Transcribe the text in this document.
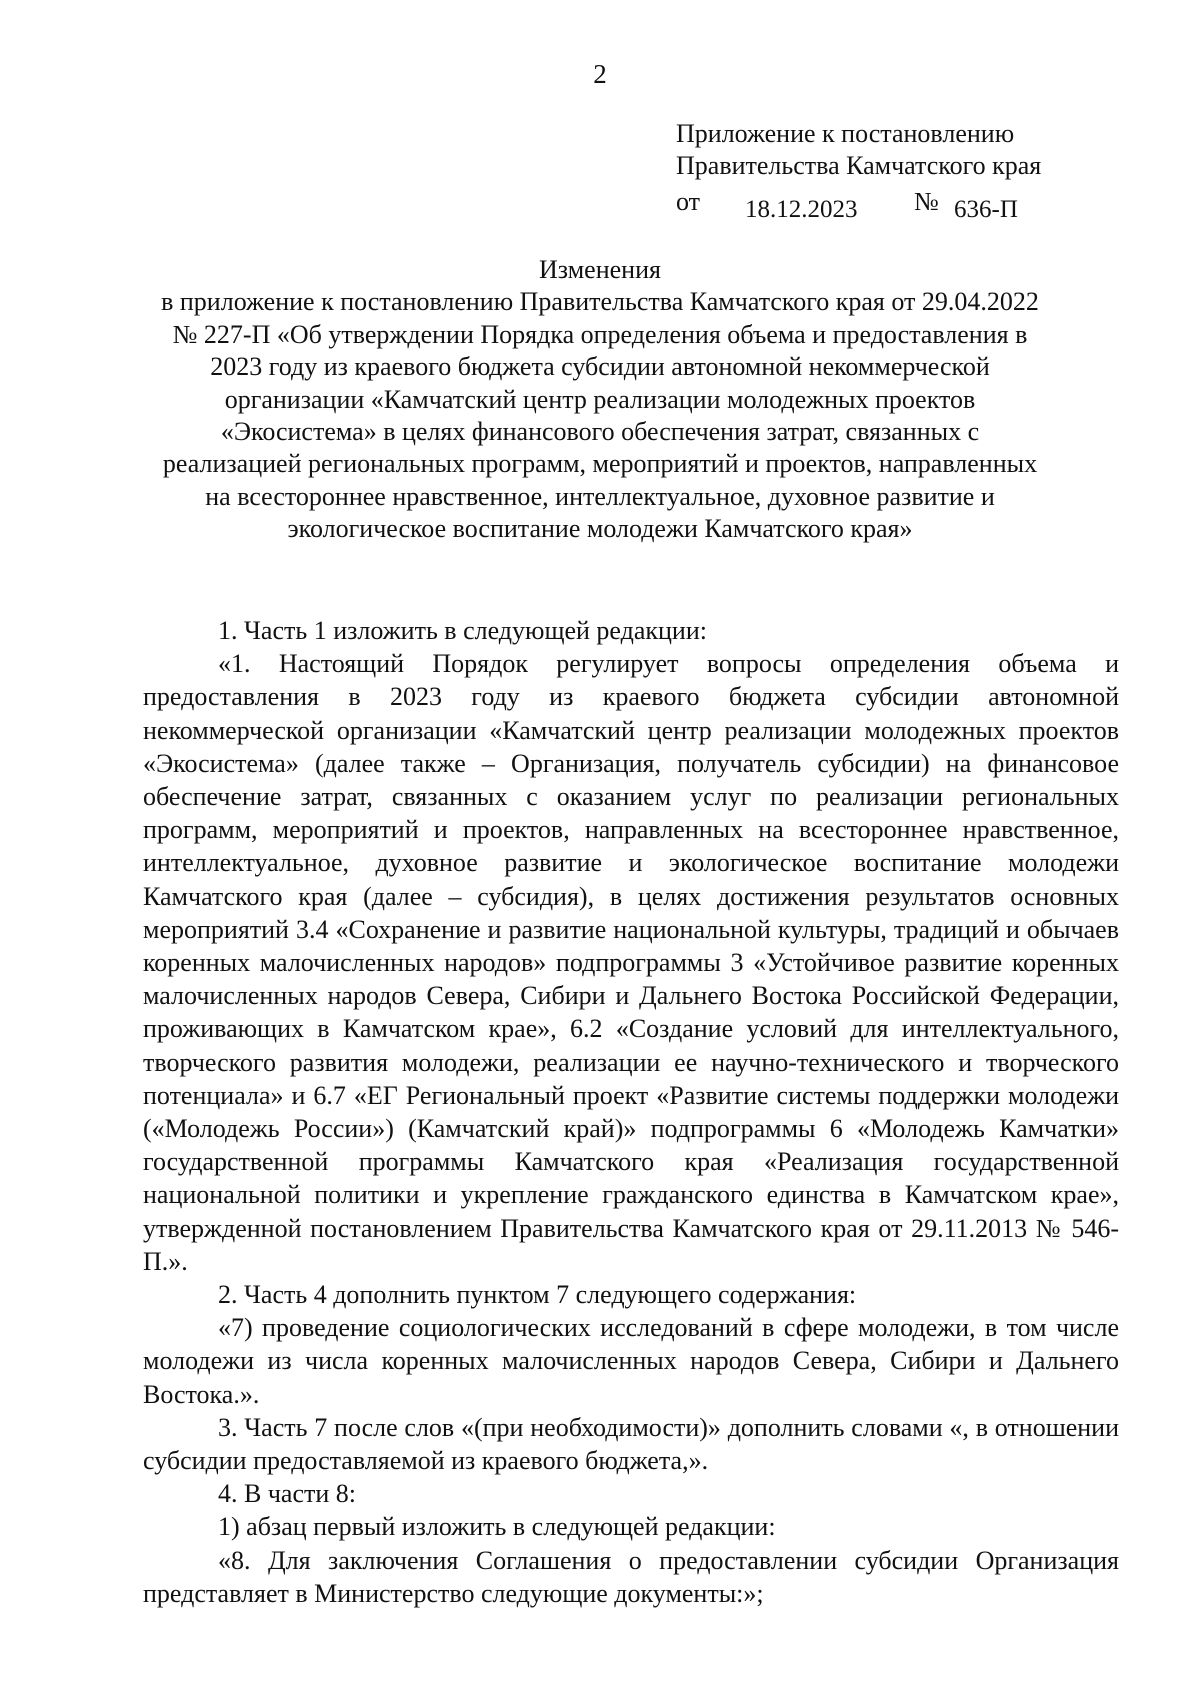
2
Приложение к постановлению
Правительства Камчатского края
от 18.12.2023 № 636-П
Изменения
в приложение к постановлению Правительства Камчатского края от 29.04.2022
№ 227-П «Об утверждении Порядка определения объема и предоставления в
2023 году из краевого бюджета субсидии автономной некоммерческой
организации «Камчатский центр реализации молодежных проектов
«Экосистема» в целях финансового обеспечения затрат, связанных с
реализацией региональных программ, мероприятий и проектов, направленных
на всестороннее нравственное, интеллектуальное, духовное развитие и
экологическое воспитание молодежи Камчатского края»

1. Часть 1 изложить в следующей редакции:

«1. Настоящий Порядок регулирует вопросы определения объема и предоставления в 2023 году из краевого бюджета субсидии автономной некоммерческой организации «Камчатский центр реализации молодежных проектов «Экосистема» (далее также – Организация, получатель субсидии) на финансовое обеспечение затрат, связанных с оказанием услуг по реализации региональных программ, мероприятий и проектов, направленных на всестороннее нравственное, интеллектуальное, духовное развитие и экологическое воспитание молодежи Камчатского края (далее – субсидия), в целях достижения результатов основных мероприятий 3.4 «Сохранение и развитие национальной культуры, традиций и обычаев коренных малочисленных народов» подпрограммы 3 «Устойчивое развитие коренных малочисленных народов Севера, Сибири и Дальнего Востока Российской Федерации, проживающих в Камчатском крае», 6.2 «Создание условий для интеллектуального, творческого развития молодежи, реализации ее научно-технического и творческого потенциала» и 6.7 «ЕГ Региональный проект «Развитие системы поддержки молодежи («Молодежь России») (Камчатский край)» подпрограммы 6 «Молодежь Камчатки» государственной программы Камчатского края «Реализация государственной национальной политики и укрепление гражданского единства в Камчатском крае», утвержденной постановлением Правительства Камчатского края от 29.11.2013 № 546-П.».

2. Часть 4 дополнить пунктом 7 следующего содержания:

«7) проведение социологических исследований в сфере молодежи, в том числе молодежи из числа коренных малочисленных народов Севера, Сибири и Дальнего Востока.».

3. Часть 7 после слов «(при необходимости)» дополнить словами «, в отношении субсидии предоставляемой из краевого бюджета,».

4. В части 8:

1) абзац первый изложить в следующей редакции:

«8. Для заключения Соглашения о предоставлении субсидии Организация представляет в Министерство следующие документы:»;
